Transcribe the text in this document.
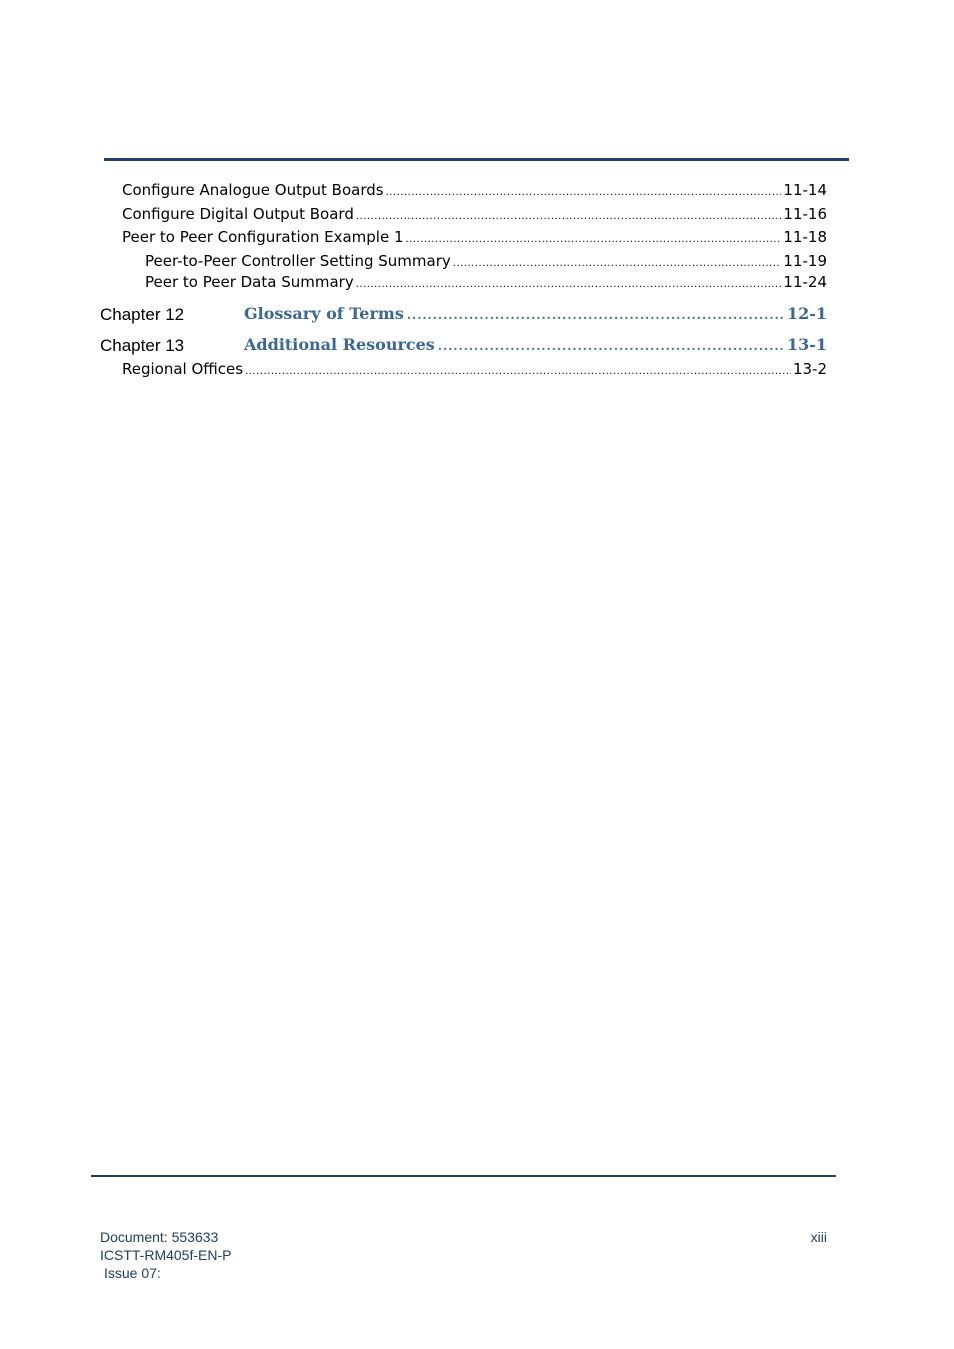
Configure Analogue Output Boards .....	11-14
Configure Digital Output Board .....	11-16
Peer to Peer Configuration Example 1 .....	11-18
Peer-to-Peer Controller Setting Summary .....	11-19
Peer to Peer Data Summary .....	11-24
Chapter 12	Glossary of Terms .....	12-1
Chapter 13	Additional Resources .....	13-1
Regional Offices .....	13-2
Document: 553633
ICSTT-RM405f-EN-P
Issue 07:
xiii
